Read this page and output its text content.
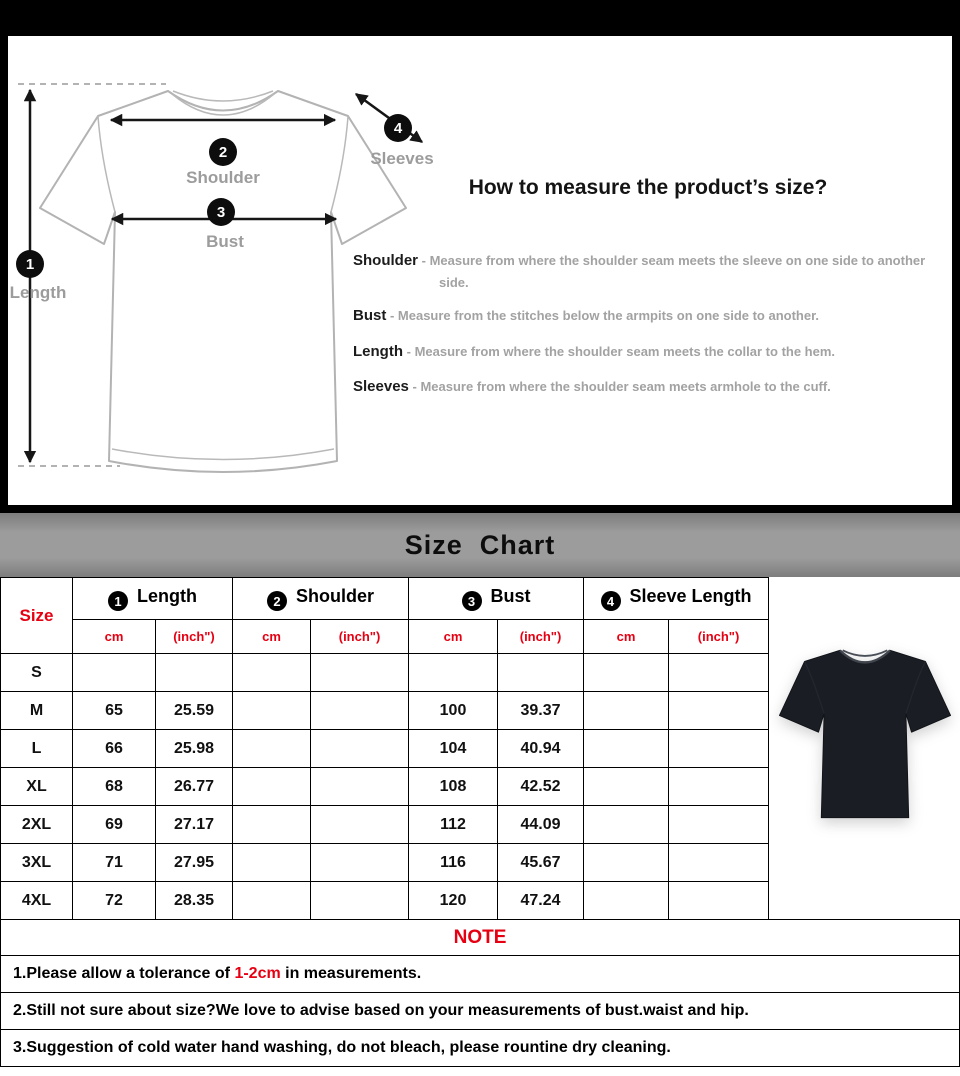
1
2
3
4
Length
Shoulder
Bust
Sleeves
How to measure the product’s size?

Shoulder - Measure from where the shoulder seam meets the sleeve on one side to another side.

Bust - Measure from the stitches below the armpits on one side to another.

Length - Measure from where the shoulder seam meets the collar to the hem.

Sleeves - Measure from where the shoulder seam meets armhole to the cuff.

Size  Chart
Size	1 Length		2 Shoulder		3 Bust		4 Sleeve Length	
	cm	(inch")	cm	(inch")	cm	(inch")	cm	(inch")
S								
M	65	25.59			100	39.37		
L	66	25.98			104	40.94		
XL	68	26.77			108	42.52		
2XL	69	27.17			112	44.09		
3XL	71	27.95			116	45.67		
4XL	72	28.35			120	47.24		
NOTE

1.Please allow a tolerance of 1-2cm in measurements.

2.Still not sure about size?We love to advise based on your measurements of bust.waist and hip.

3.Suggestion of cold water hand washing, do not bleach, please rountine dry cleaning.
